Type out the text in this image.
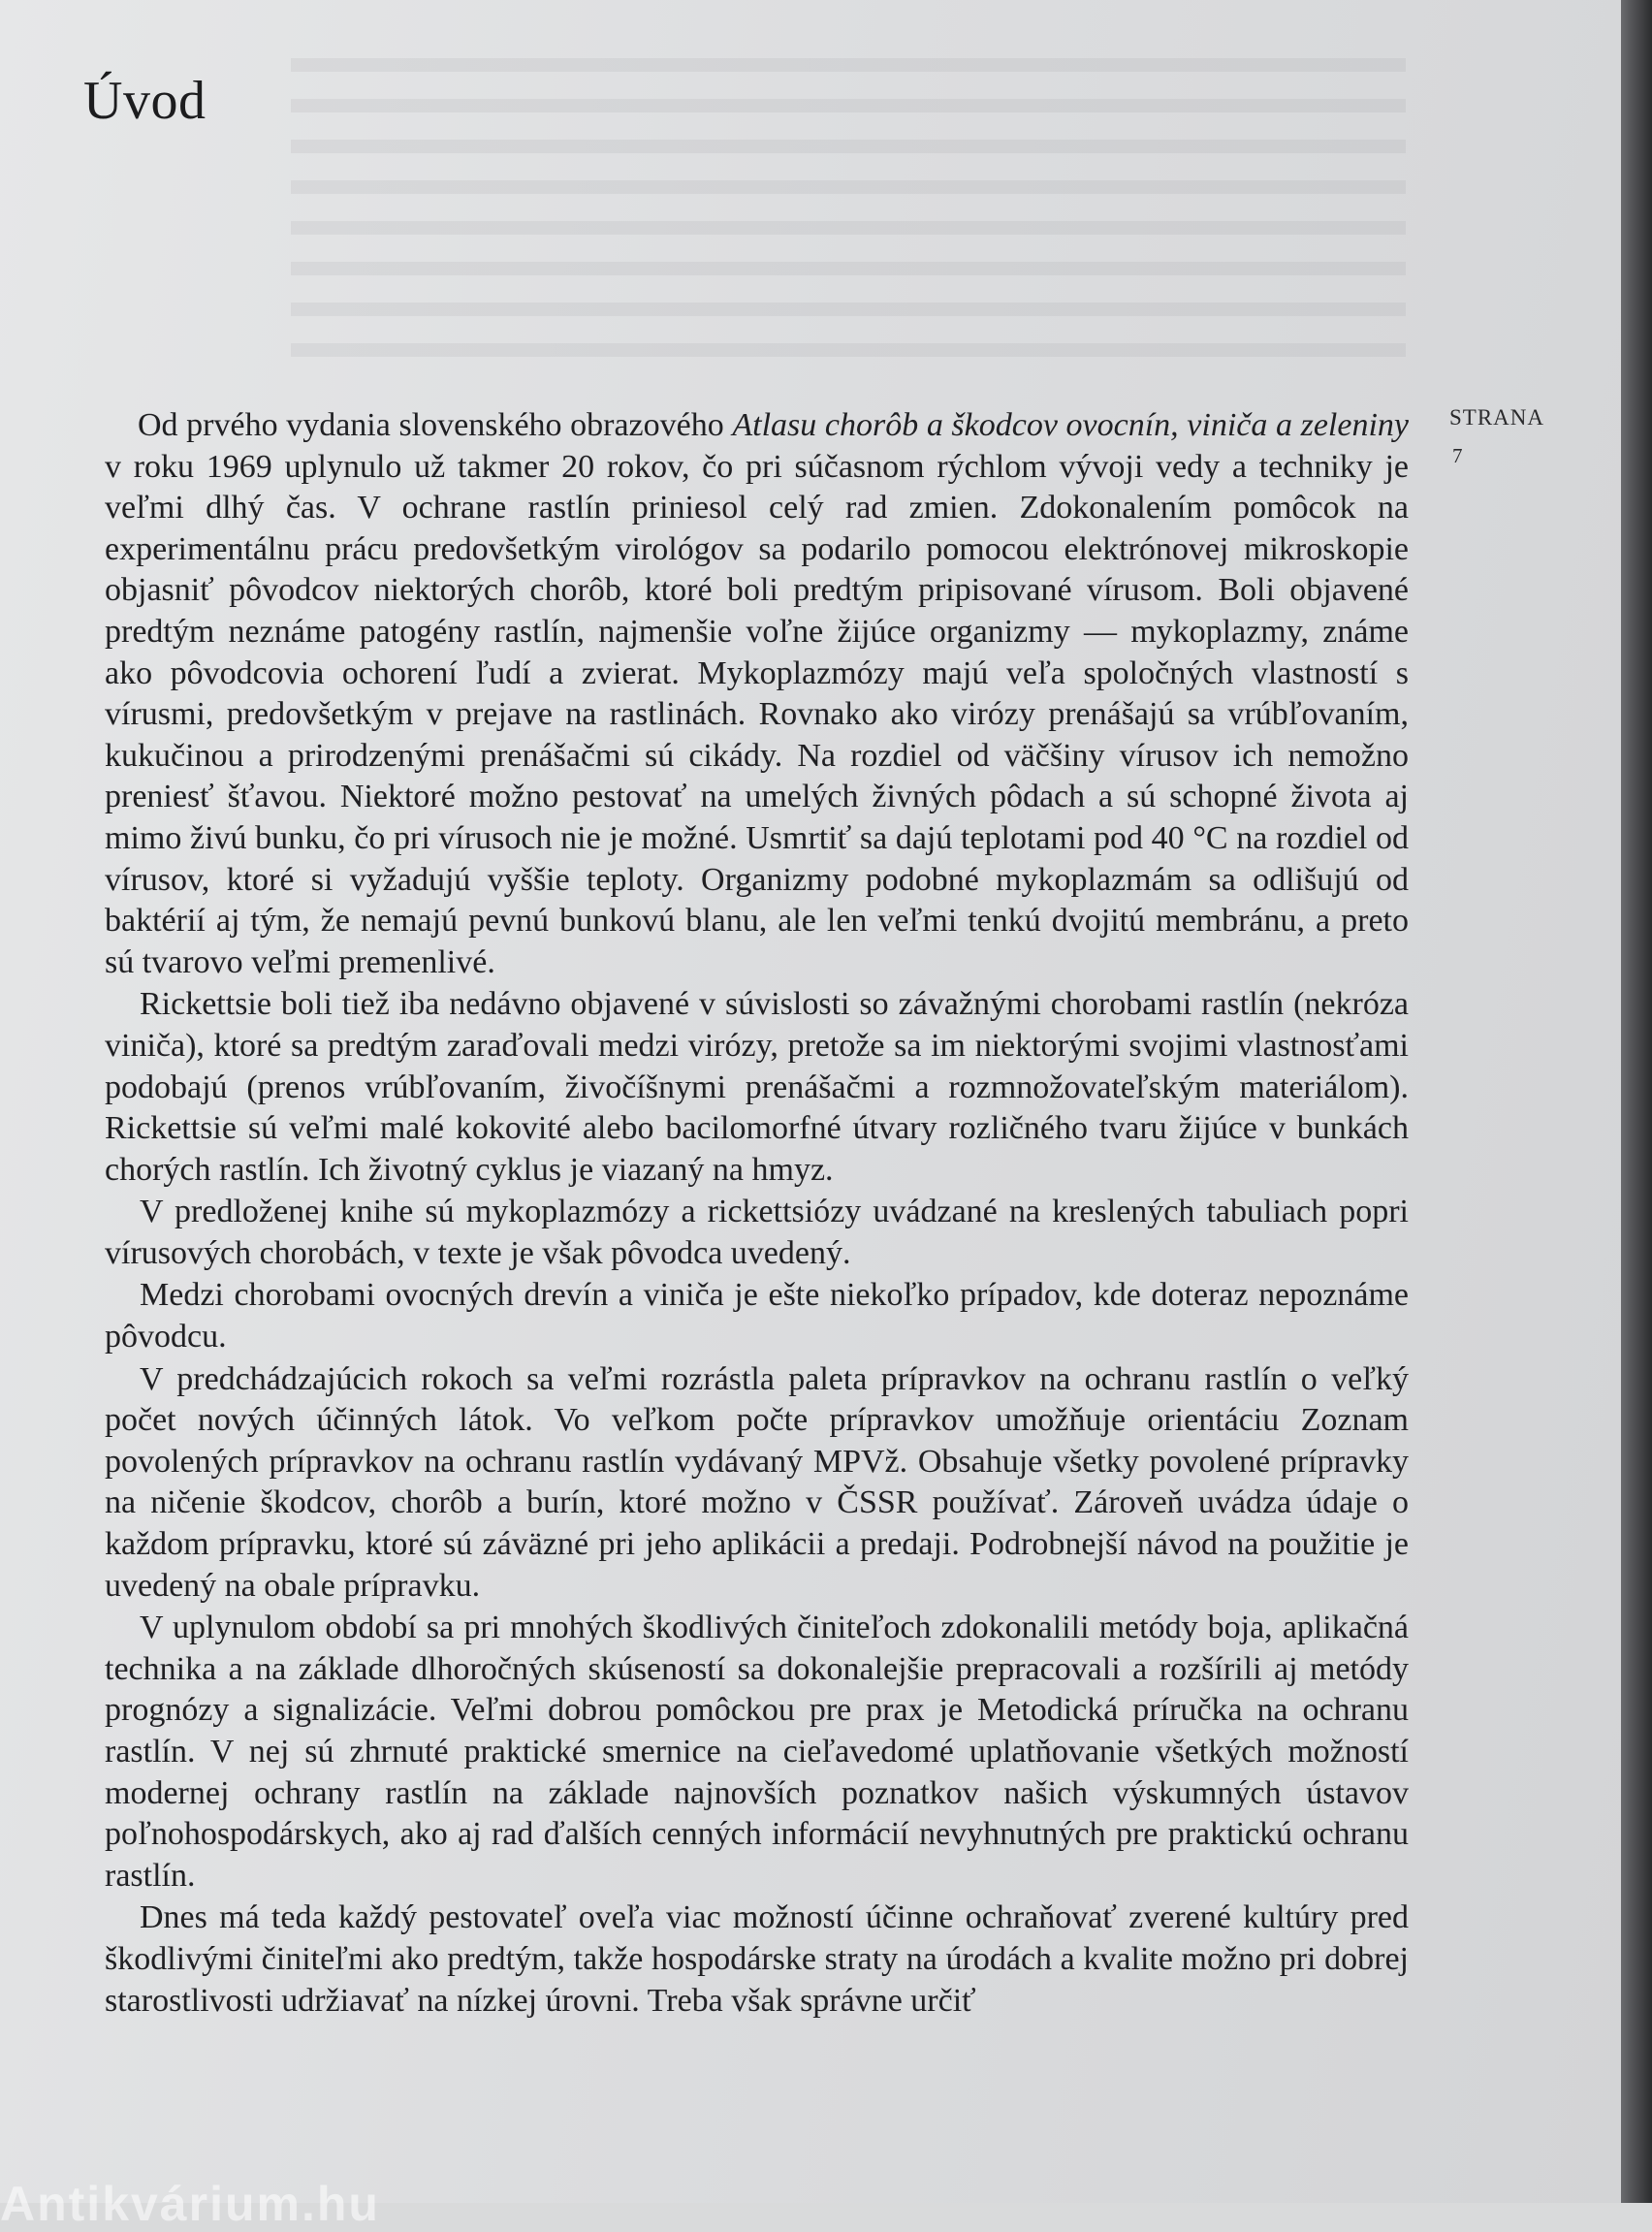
Úvod
STRANA
7

Od prvého vydania slovenského obrazového Atlasu chorôb a škodcov ovocnín, viniča a zeleniny v roku 1969 uplynulo už takmer 20 rokov, čo pri súčasnom rýchlom vývoji vedy a techniky je veľmi dlhý čas. V ochrane rastlín priniesol celý rad zmien. Zdokonalením pomôcok na experimentálnu prácu predovšetkým virológov sa podarilo pomocou elektrónovej mikroskopie objasniť pôvodcov niektorých chorôb, ktoré boli predtým pripisované vírusom. Boli objavené predtým neznáme patogény rastlín, najmenšie voľne žijúce organizmy — mykoplazmy, známe ako pôvodcovia ochorení ľudí a zvierat. Mykoplazmózy majú veľa spoločných vlastností s vírusmi, predovšetkým v prejave na rastlinách. Rovnako ako virózy prenášajú sa vrúbľovaním, kukučinou a prirodzenými prenášačmi sú cikády. Na rozdiel od väčšiny vírusov ich nemožno preniesť šťavou. Niektoré možno pestovať na umelých živných pôdach a sú schopné života aj mimo živú bunku, čo pri vírusoch nie je možné. Usmrtiť sa dajú teplotami pod 40 °C na rozdiel od vírusov, ktoré si vyžadujú vyššie teploty. Organizmy podobné mykoplazmám sa odlišujú od baktérií aj tým, že nemajú pevnú bunkovú blanu, ale len veľmi tenkú dvojitú membránu, a preto sú tvarovo veľmi premenlivé.

Rickettsie boli tiež iba nedávno objavené v súvislosti so závažnými chorobami rastlín (nekróza viniča), ktoré sa predtým zaraďovali medzi virózy, pretože sa im niektorými svojimi vlastnosťami podobajú (prenos vrúbľovaním, živočíšnymi prenášačmi a rozmnožovateľským materiálom). Rickettsie sú veľmi malé kokovité alebo bacilomorfné útvary rozličného tvaru žijúce v bunkách chorých rastlín. Ich životný cyklus je viazaný na hmyz.

V predloženej knihe sú mykoplazmózy a rickettsiózy uvádzané na kreslených tabuliach popri vírusových chorobách, v texte je však pôvodca uvedený.

Medzi chorobami ovocných drevín a viniča je ešte niekoľko prípadov, kde doteraz nepoznáme pôvodcu.

V predchádzajúcich rokoch sa veľmi rozrástla paleta prípravkov na ochranu rastlín o veľký počet nových účinných látok. Vo veľkom počte prípravkov umožňuje orientáciu Zoznam povolených prípravkov na ochranu rastlín vydávaný MPVž. Obsahuje všetky povolené prípravky na ničenie škodcov, chorôb a burín, ktoré možno v ČSSR používať. Zároveň uvádza údaje o každom prípravku, ktoré sú záväzné pri jeho aplikácii a predaji. Podrobnejší návod na použitie je uvedený na obale prípravku.

V uplynulom období sa pri mnohých škodlivých činiteľoch zdokonalili metódy boja, aplikačná technika a na základe dlhoročných skúseností sa dokonalejšie prepracovali a rozšírili aj metódy prognózy a signalizácie. Veľmi dobrou pomôckou pre prax je Metodická príručka na ochranu rastlín. V nej sú zhrnuté praktické smernice na cieľavedomé uplatňovanie všetkých možností modernej ochrany rastlín na základe najnovších poznatkov našich výskumných ústavov poľnohospodárskych, ako aj rad ďalších cenných informácií nevyhnutných pre praktickú ochranu rastlín.

Dnes má teda každý pestovateľ oveľa viac možností účinne ochraňovať zverené kultúry pred škodlivými činiteľmi ako predtým, takže hospodárske straty na úrodách a kvalite možno pri dobrej starostlivosti udržiavať na nízkej úrovni. Treba však správne určiť

Antikvárium.hu
